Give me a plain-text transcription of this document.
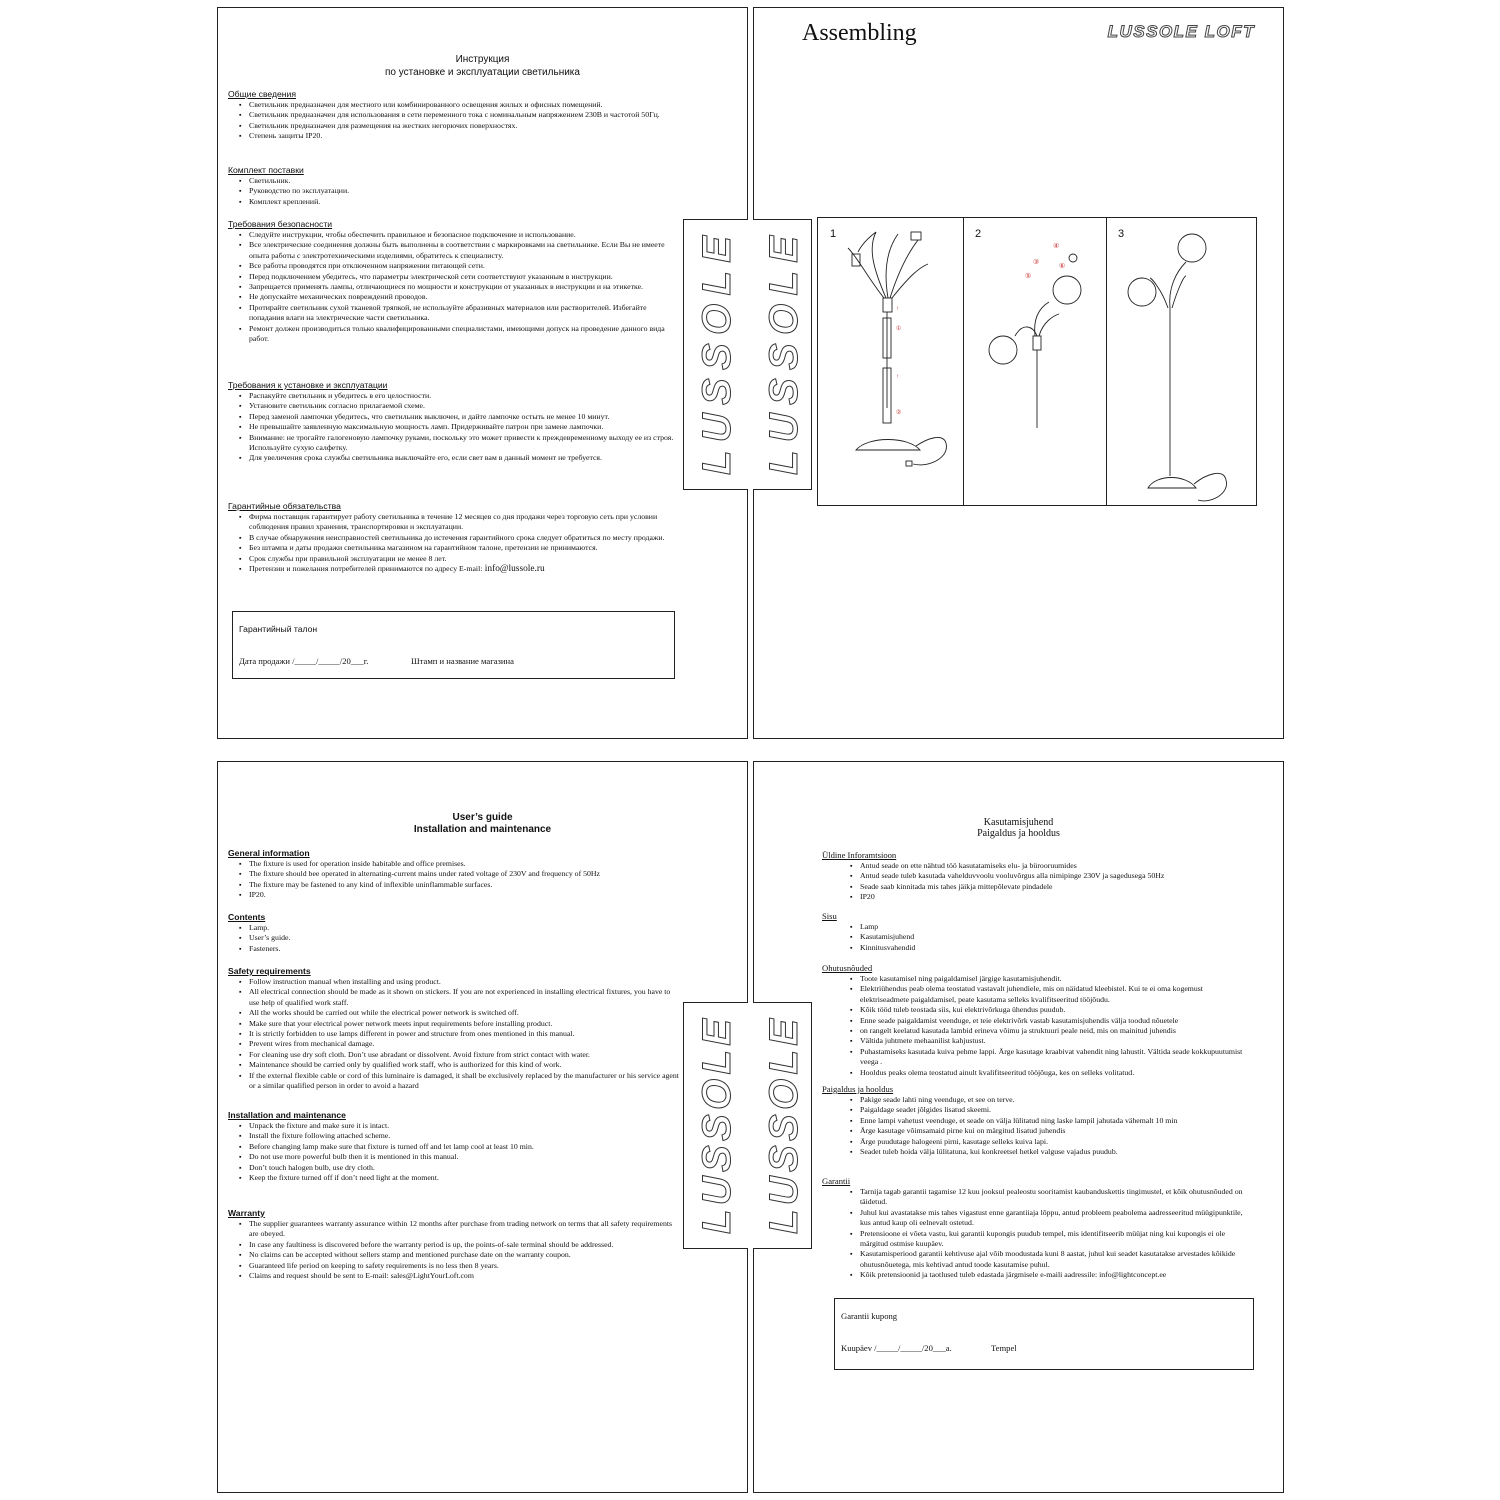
Инструкция
по установке и эксплуатации светильника
Общие сведения
▪ Светильник предназначен для местного или комбинированного освещения жилых и офисных помещений.
▪ Светильник предназначен для использования в сети переменного тока с номинальным напряжением 230В и частотой 50Гц.
▪ Светильник предназначен для размещения на жестких негорючих поверхностях.
▪ Степень защиты IP20.
Комплект поставки
▪ Светильник.
▪ Руководство по эксплуатации.
▪ Комплект креплений.
Требования безопасности
▪ Следуйте инструкции, чтобы обеспечить правильное и безопасное подключение и использование.
▪ Все электрические соединения должны быть выполнены в соответствии с маркировками на светильнике. Если Вы не имеете опыта работы с электротехническими изделиями, обратитесь к специалисту.
▪ Все работы проводятся при отключенном напряжении питающей сети.
▪ Перед подключением убедитесь, что параметры электрической сети соответствуют указанным в инструкции.
▪ Запрещается применять лампы, отличающиеся по мощности и конструкции от указанных в инструкции и на этикетке.
▪ Не допускайте механических повреждений проводов.
▪ Протирайте светильник сухой тканевой тряпкой, не используйте абразивных материалов или растворителей. Избегайте попадания влаги на электрические части светильника.
▪ Ремонт должен производиться только квалифицированными специалистами, имеющими допуск на проведение данного вида работ.
Требования к установке и эксплуатации
▪ Распакуйте светильник и убедитесь в его целостности.
▪ Установите светильник согласно прилагаемой схеме.
▪ Перед заменой лампочки убедитесь, что светильник выключен, и дайте лампочке остыть не менее 10 минут.
▪ Не превышайте заявленную максимальную мощность ламп. Придерживайте патрон при замене лампочки.
▪ Внимание: не трогайте галогеновую лампочку руками, поскольку это может привести к преждевременному выходу ее из строя. Используйте сухую салфетку.
▪ Для увеличения срока службы светильника выключайте его, если свет вам в данный момент не требуется.
Гарантийные обязательства
▪ Фирма поставщик гарантирует работу светильника в течение 12 месяцев со дня продажи через торговую сеть при условии соблюдения правил хранения, транспортировки и эксплуатации.
▪ В случае обнаружения неисправностей светильника до истечения гарантийного срока следует обратиться по месту продажи.
▪ Без штампа и даты продажи светильника магазином на гарантийном талоне, претензии не принимаются.
▪ Срок службы при правильной эксплуатации не менее 8 лет.
▪ Претензии и пожелания потребителей принимаются по адресу E-mail: info@lussole.ru
Гарантийный талон
Дата продажи /_____/_____/20___г.	Штамп и название магазина
LUSSOLE
Assembling	LUSSOLE LOFT
1
↑
①
↑
②
2
④
③
⑤
⑥
3
LUSSOLE
User’s guide
Installation and maintenance
General information
▪ The fixture is used for operation inside habitable and office premises.
▪ The fixture should bee operated in alternating-current mains under rated voltage of 230V and frequency of 50Hz
▪ The fixture may be fastened to any kind of inflexible uninflammable surfaces.
▪ IP20.
Contents
▪ Lamp.
▪ User’s guide.
▪ Fasteners.
Safety requirements
▪ Follow instruction manual when installing and using product.
▪ All electrical connection should be made as it shown on stickers. If you are not experienced in installing electrical fixtures, you have to use help of qualified work staff.
▪ All the works should be carried out while the electrical power network is switched off.
▪ Make sure that your electrical power network meets input requirements before installing product.
▪ It is strictly forbidden to use lamps different in power and structure from ones mentioned in this manual.
▪ Prevent wires from mechanical damage.
▪ For cleaning use dry soft cloth. Don’t use abradant or dissolvent. Avoid fixture from strict contact with water.
▪ Maintenance should be carried only by qualified work staff, who is authorized for this kind of work.
▪ If the external flexible cable or cord of this luminaire is damaged, it shall be exclusively replaced by the manufacturer or his service agent or a similar qualified person in order to avoid a hazard
Installation and maintenance
▪ Unpack the fixture and make sure it is intact.
▪ Install the fixture following attached scheme.
▪ Before changing lamp make sure that fixture is turned off and let lamp cool at least 10 min.
▪ Do not use more powerful bulb then it is mentioned in this manual.
▪ Don’t touch halogen bulb, use dry cloth.
▪ Keep the fixture turned off if don’t need light at the moment.
Warranty
▪ The supplier guarantees warranty assurance within 12 months after purchase from trading network on terms that all safety requirements are obeyed.
▪ In case any faultiness is discovered before the warranty period is up, the points-of-sale terminal should be addressed.
▪ No claims can be accepted without sellers stamp and mentioned purchase date on the warranty coupon.
▪ Guaranteed life period on keeping to safety requirements is no less then 8 years.
▪ Claims and request should be sent to E-mail: sales@LightYourLoft.com
LUSSOLE
Kasutamisjuhend
Paigaldus ja hooldus
Üldine Inforamtsioon
▪ Antud seade on ette nähtud töö kasutatamiseks elu- ja bürooruumides
▪ Antud seade tuleb kasutada vahelduvvoolu vooluvõrgus alla nimipinge 230V ja sagedusega 50Hz
▪ Seade saab kinnitada mis tahes jäikja mittepõlevate pindadele
▪ IP20
Sisu
▪ Lamp
▪ Kasutamisjuhend
▪ Kinnitusvahendid
Ohutusnõuded
▪ Toote kasutamisel ning paigaldamisel järgige kasutamisjuhendit.
▪ Elektriühendus peab olema teostatud vastavalt juhendiele, mis on näidatud kleebistel. Kui te ei oma kogemust elektriseadmete paigaldamisel, peate kasutama selleks kvalifitseeritud tööjõudu.
▪ Kõik tööd tuleb teostada siis, kui elektrivõrkuga ühendus puudub.
▪ Enne seade paigaldamist veenduge, et teie elektrivõrk vastab kasutamisjuhendis välja toodud nõuetele
▪ on rangelt keelatud kasutada lambid erineva võimu ja struktuuri peale neid, mis on mainitud juhendis
▪ Vältida juhtmete mehaanilist kahjustust.
▪ Puhastamiseks kasutada kuiva pehme lappi. Ärge kasutage kraabivat vahendit ning lahustit. Vältida seade kokkupuutumist veega .
▪ Hooldus peaks olema teostatud ainult kvalifitseeritud tööjõuga, kes on selleks volitatud.
Paigaldus ja hooldus
▪ Pakige seade lahti ning veenduge, et see on terve.
▪ Paigaldage seadet jõlgides lisatud skeemi.
▪ Enne lampi vahetust veenduge, et seade on välja lülitatud ning laske lampil jahutada vähemalt 10 min
▪ Ärge kasutage võimsamaid pirne kui on märgitud lisatud juhendis
▪ Ärge puudutage halogeeni pirni, kasutage selleks kuiva lapi.
▪ Seadet tuleb hoida välja lülitatuna, kui konkreetsel hetkel valguse vajadus puudub.
Garantii
▪ Tarnija tagab garantii tagamise 12 kuu jooksul pealeostu sooritamist kaubanduskettis tingimustel, et kõik ohutusnõuded on täidetud.
▪ Juhul kui avastatakse mis tahes vigastust enne garantiiaja lõppu, antud probleem peabolema aadresseeritud müügipunktile, kus antud kaup oli eelnevalt ostetud.
▪ Pretensioone ei võeta vastu, kui garantii kupongis puudub tempel, mis identifitseerib müüjat ning kui kupongis ei ole märgitud ostmise kuupäev.
▪ Kasutamisperiood garantii kehtivuse ajal võib moodustada kuni 8 aastat, juhul kui seadet kasutatakse arvestades kõikide ohutusnõuetega, mis kehtivad antud toode kasutamise puhul.
▪ Kõik pretensioonid ja taotlused tuleb edastada järgmisele e-maili aadressile: info@lightconcept.ee
Garantii kupong
Kuupäev /_____/_____/20___a.	Tempel
LUSSOLE
